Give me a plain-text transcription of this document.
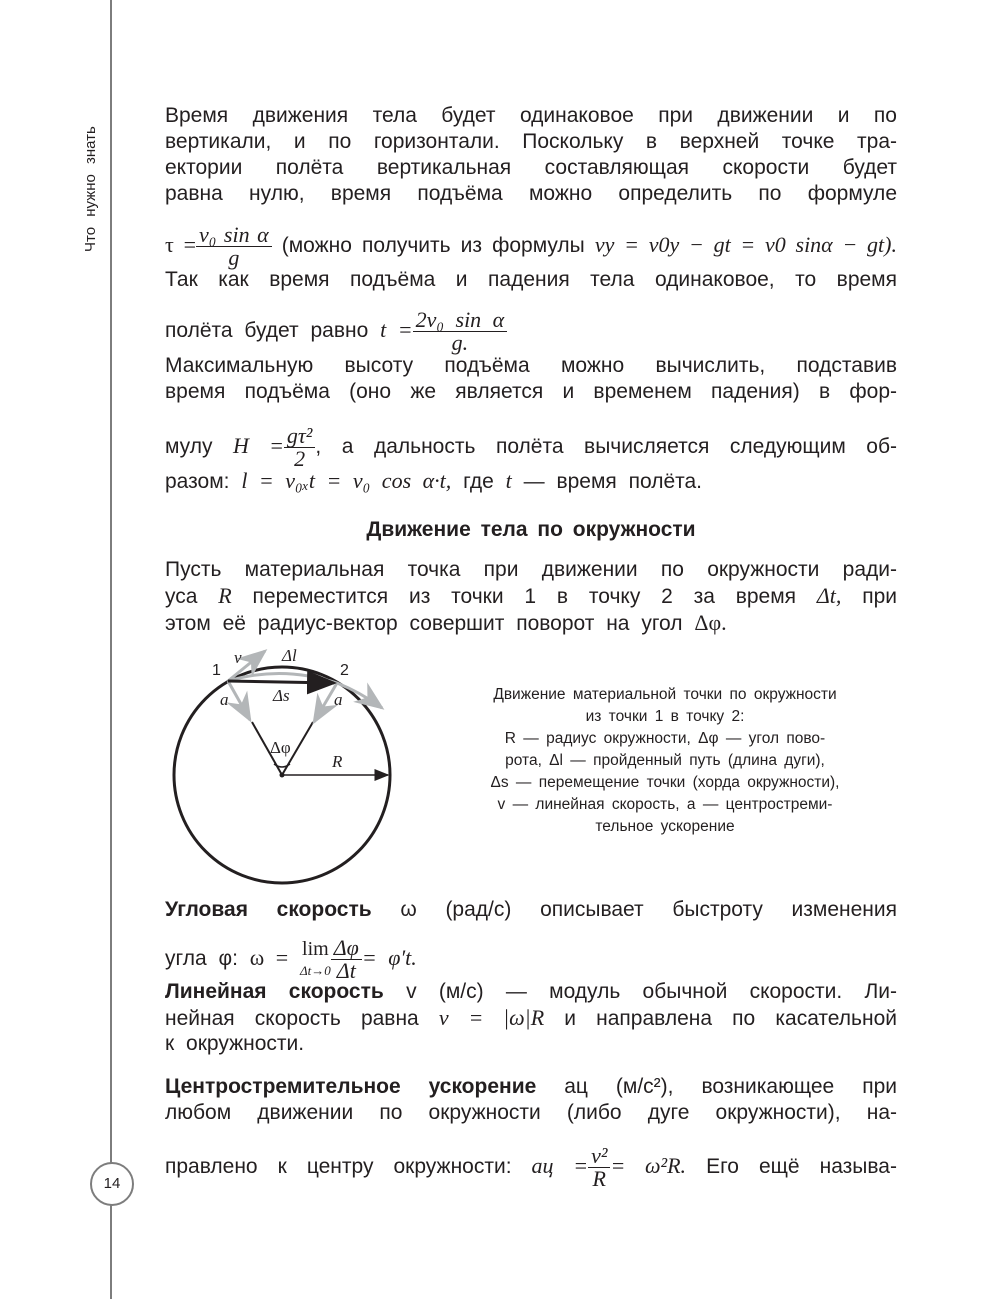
Что нужно знать
14
Время движения тела будет одинаковое при движении и по
вертикали, и по горизонтали. Поскольку в верхней точке тра-
ектории полёта вертикальная составляющая скорости будет
равна нулю, время подъёма можно определить по формуле
$\tau = \frac{\text{v₀ sin α}}{g}$ (можно получить из формулы vy = v0y − gt = v0 sinα − gt).
Так как время подъёма и падения тела одинаковое, то время
полёта будет равно $t = \frac{\text{2v₀ sin α}}{g.}$
Максимальную высоту подъёма можно вычислить, подставив
время подъёма (оно же является и временем падения) в фор-
мулу $H = \frac{\text{gτ²}}{2}$ , а дальность полёта вычисляется следующим об-
разом: l = v₀ₓt = v₀ cos α·t, где t — время полёта.
Движение тела по окружности
Пусть материальная точка при движении по окружности ради-
уса R переместится из точки 1 в точку 2 за время Δt, при
этом её радиус-вектор совершит поворот на угол Δφ.
1	2
v⃗ Δl
Δs⃗
a⃗	a⃗
Δφ
R
Движение материальной точки по окружности
из точки 1 в точку 2:
R — радиус окружности, Δφ — угол пово-
рота, Δl — пройденный путь (длина дуги),
Δs — перемещение точки (хорда окружности),
v — линейная скорость, a — центростреми-
тельное ускорение
Угловая скорость ω (рад/с) описывает быстроту изменения
угла φ: ω = lim
$\Delta t\to 0 \frac{\Delta\varphi}{\Delta t} = \varphi't$.
Линейная скорость v (м/с) — модуль обычной скорости. Ли-
нейная скорость равна v = |ω|R и направлена по касательной
к окружности.
Центростремительное ускорение aц (м/с²), возникающее при
любом движении по окружности (либо дуге окружности), на-
правлено к центру окружности: aц = $\frac{\text{v²}}{R} = \omega^2R$. Его ещё называ-
